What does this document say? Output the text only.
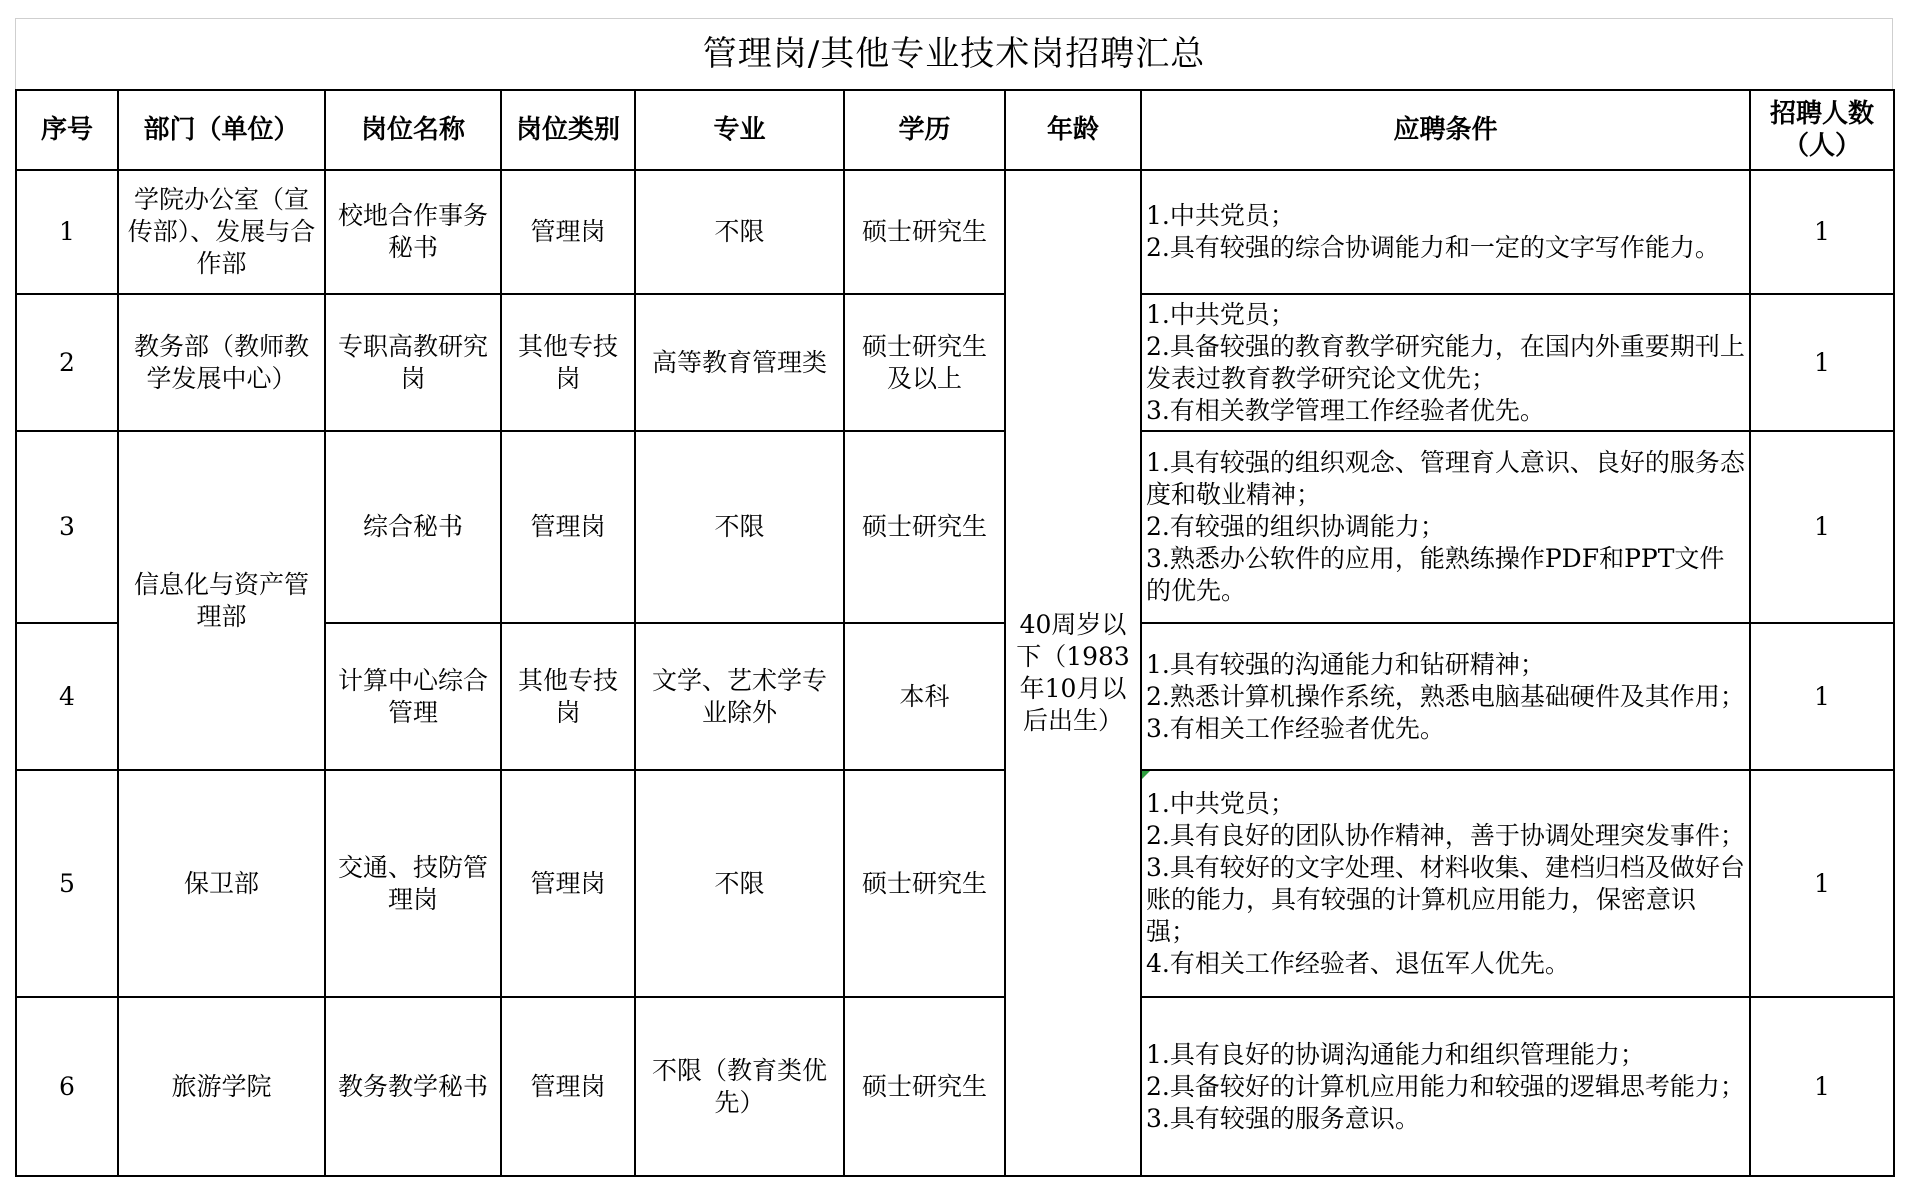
管理岗/其他专业技术岗招聘汇总
序号	部门（单位）	岗位名称	岗位类别	专业	学历	年龄	应聘条件	招聘人数（人）

1	学院办公室（宣传部）、发展与合作部	校地合作事务秘书	管理岗	不限	硕士研究生	40周岁以下（1983年10月以后出生）	1.中共党员；
2.具有较强的综合协调能力和一定的文字写作能力。	1
2	教务部（教师教学发展中心）	专职高教研究岗	其他专技岗	高等教育管理类	硕士研究生及以上		1.中共党员；
2.具备较强的教育教学研究能力，在国内外重要期刊上发表过教育教学研究论文优先；
3.有相关教学管理工作经验者优先。	1
3	信息化与资产管理部	综合秘书	管理岗	不限	硕士研究生		1.具有较强的组织观念、管理育人意识、良好的服务态度和敬业精神；
2.有较强的组织协调能力；
3.熟悉办公软件的应用，能熟练操作PDF和PPT文件的优先。	1
4		计算中心综合管理	其他专技岗	文学、艺术学专业除外	本科		1.具有较强的沟通能力和钻研精神；
2.熟悉计算机操作系统，熟悉电脑基础硬件及其作用；
3.有相关工作经验者优先。	1
5	保卫部	交通、技防管理岗	管理岗	不限	硕士研究生		1.中共党员；
2.具有良好的团队协作精神，善于协调处理突发事件；
3.具有较好的文字处理、材料收集、建档归档及做好台账的能力，具有较强的计算机应用能力，保密意识强；
4.有相关工作经验者、退伍军人优先。	1
6	旅游学院	教务教学秘书	管理岗	不限（教育类优先）	硕士研究生		1.具有良好的协调沟通能力和组织管理能力；
2.具备较好的计算机应用能力和较强的逻辑思考能力；
3.具有较强的服务意识。	1
